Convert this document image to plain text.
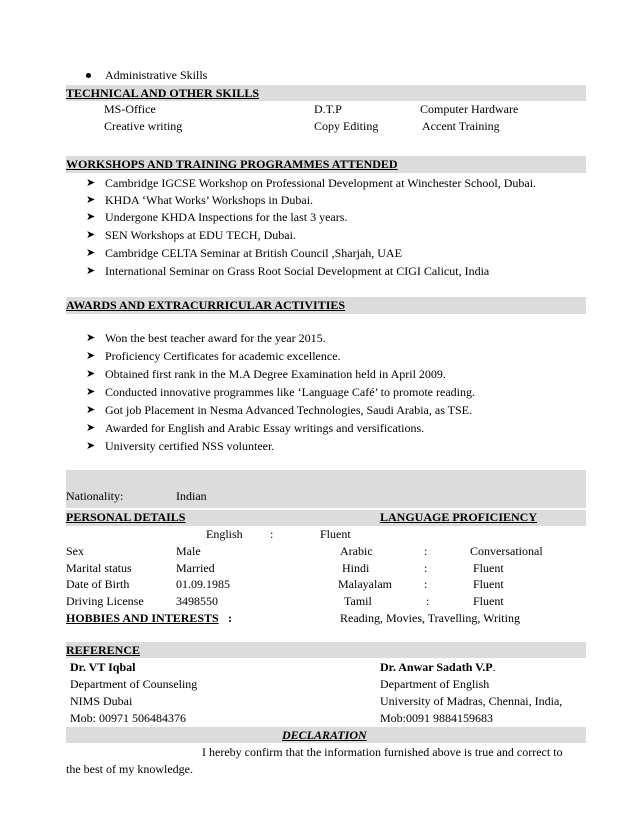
Administrative Skills
TECHNICAL AND OTHER SKILLS
MS-Office	D.T.P	Computer Hardware
Creative writing	Copy Editing	Accent Training
WORKSHOPS AND TRAINING PROGRAMMES ATTENDED
➤ Cambridge IGCSE Workshop on Professional Development at Winchester School, Dubai.
➤ KHDA ‘What Works’ Workshops in Dubai.
➤ Undergone KHDA Inspections for the last 3 years.
➤ SEN Workshops at EDU TECH, Dubai.
➤ Cambridge CELTA Seminar at British Council ,Sharjah, UAE
➤ International Seminar on Grass Root Social Development at CIGI Calicut, India
AWARDS AND EXTRACURRICULAR ACTIVITIES
➤ Won the best teacher award for the year 2015.
➤ Proficiency Certificates for academic excellence.
➤ Obtained first rank in the M.A Degree Examination held in April 2009.
➤ Conducted innovative programmes like ‘Language Café’ to promote reading.
➤ Got job Placement in Nesma Advanced Technologies, Saudi Arabia, as TSE.
➤ Awarded for English and Arabic Essay writings and versifications.
➤ University certified NSS volunteer.
Nationality:	Indian
PERSONAL DETAILS	LANGUAGE PROFICIENCY
English :	Fluent
Sex	Male	Arabic	:	Conversational
Marital status	Married	Hindi	:	Fluent
Date of Birth	01.09.1985	Malayalam	:	Fluent
Driving License	3498550	Tamil	:	Fluent
HOBBIES AND INTERESTS :	Reading, Movies, Travelling, Writing
REFERENCE
Dr. VT Iqbal
Department of Counseling
NIMS Dubai
Mob: 00971 506484376
Dr. Anwar Sadath V.P.
Department of English
University of Madras, Chennai, India,
Mob:0091 9884159683
DECLARATION
I hereby confirm that the information furnished above is true and correct to
the best of my knowledge.
